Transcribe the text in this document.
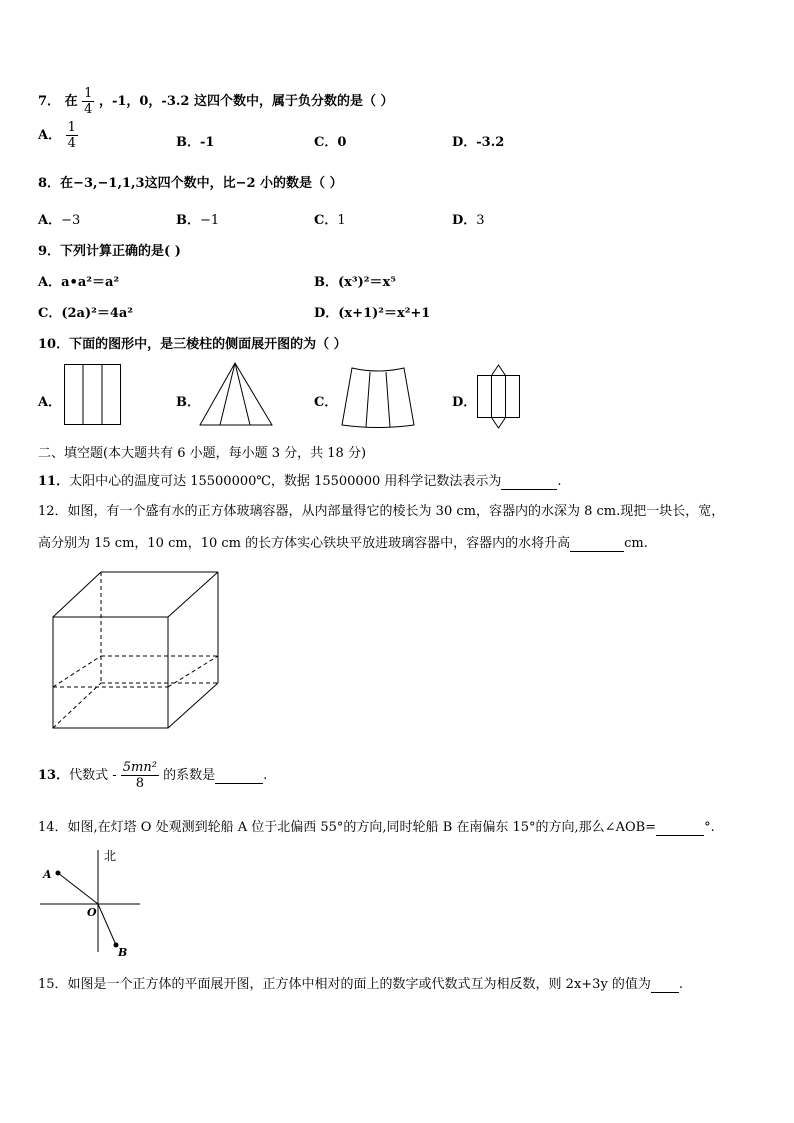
7． 在 $\frac{1}{4}$ ，-1，0，-3.2 这四个数中，属于负分数的是（ ）
A． $\frac{1}{4}$	B．-1	C．0	D．-3.2
8．在−3,−1,1,3这四个数中，比−2 小的数是（ ）
A．−3	B．−1	C．1	D．3
9．下列计算正确的是( )
A．a•a²＝a²	B．(x³)²＝x⁵
C．(2a)²＝4a²	D．(x+1)²＝x²+1
10．下面的图形中，是三棱柱的侧面展开图的为（ ）
A．	B．	C．	D．
二、填空题(本大题共有 6 小题，每小题 3 分，共 18 分)
11．太阳中心的温度可达 15500000℃，数据 15500000 用科学记数法表示为	.
12．如图，有一个盛有水的正方体玻璃容器，从内部量得它的棱长为 30 cm，容器内的水深为 8 cm.现把一块长，宽，
高分别为 15 cm，10 cm，10 cm 的长方体实心铁块平放进玻璃容器中，容器内的水将升高	cm.
13．代数式 - $\frac{\text{5mn²}}{8}$ 的系数是	.
14．如图,在灯塔 O 处观测到轮船 A 位于北偏西 55°的方向,同时轮船 B 在南偏东 15°的方向,那么∠AOB=	°.
北
A
O
B
15．如图是一个正方体的平面展开图，正方体中相对的面上的数字或代数式互为相反数，则 2x+3y 的值为 .
